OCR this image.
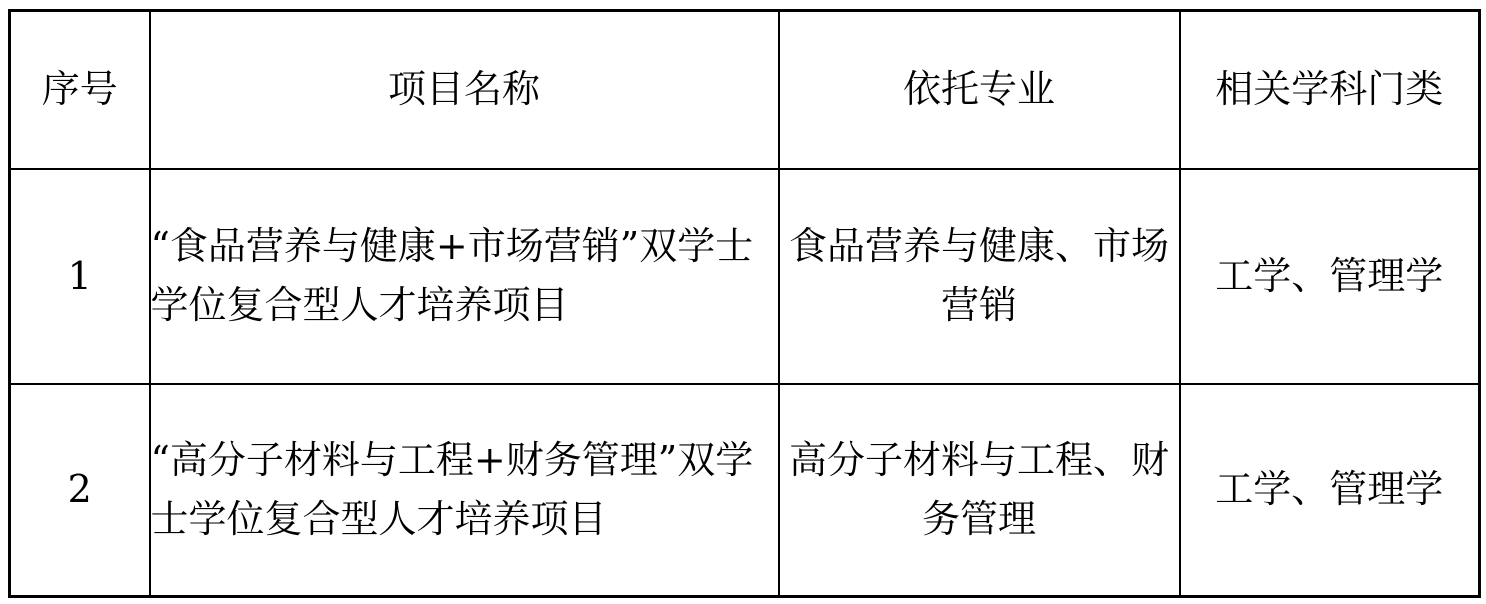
序号	项目名称	依托专业	相关学科门类
1	“食品营养与健康+市场营销”双学士学位复合型人才培养项目	食品营养与健康、市场营销	工学、管理学
2	“高分子材料与工程+财务管理”双学士学位复合型人才培养项目	高分子材料与工程、财务管理	工学、管理学
